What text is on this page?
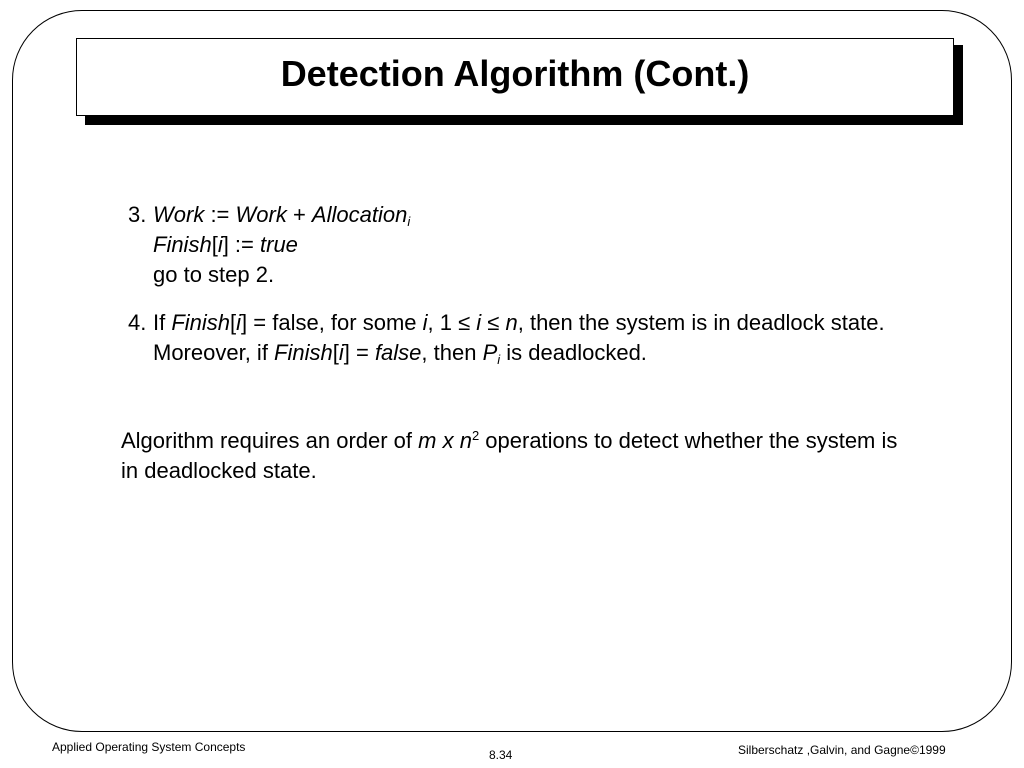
Detection Algorithm (Cont.)
3. Work := Work + Allocation$_i$
Finish[i] := true
go to step 2.
4. If Finish[i] = false, for some i, 1 ≤ i ≤ n, then the system is in deadlock state. Moreover, if Finish[i] = false, then $P_i$ is deadlocked.
Algorithm requires an order of m x $n^2$ operations to detect whether the system is in deadlocked state.
Applied Operating System Concepts
8.34	Silberschatz ,Galvin, and Gagne©1999
